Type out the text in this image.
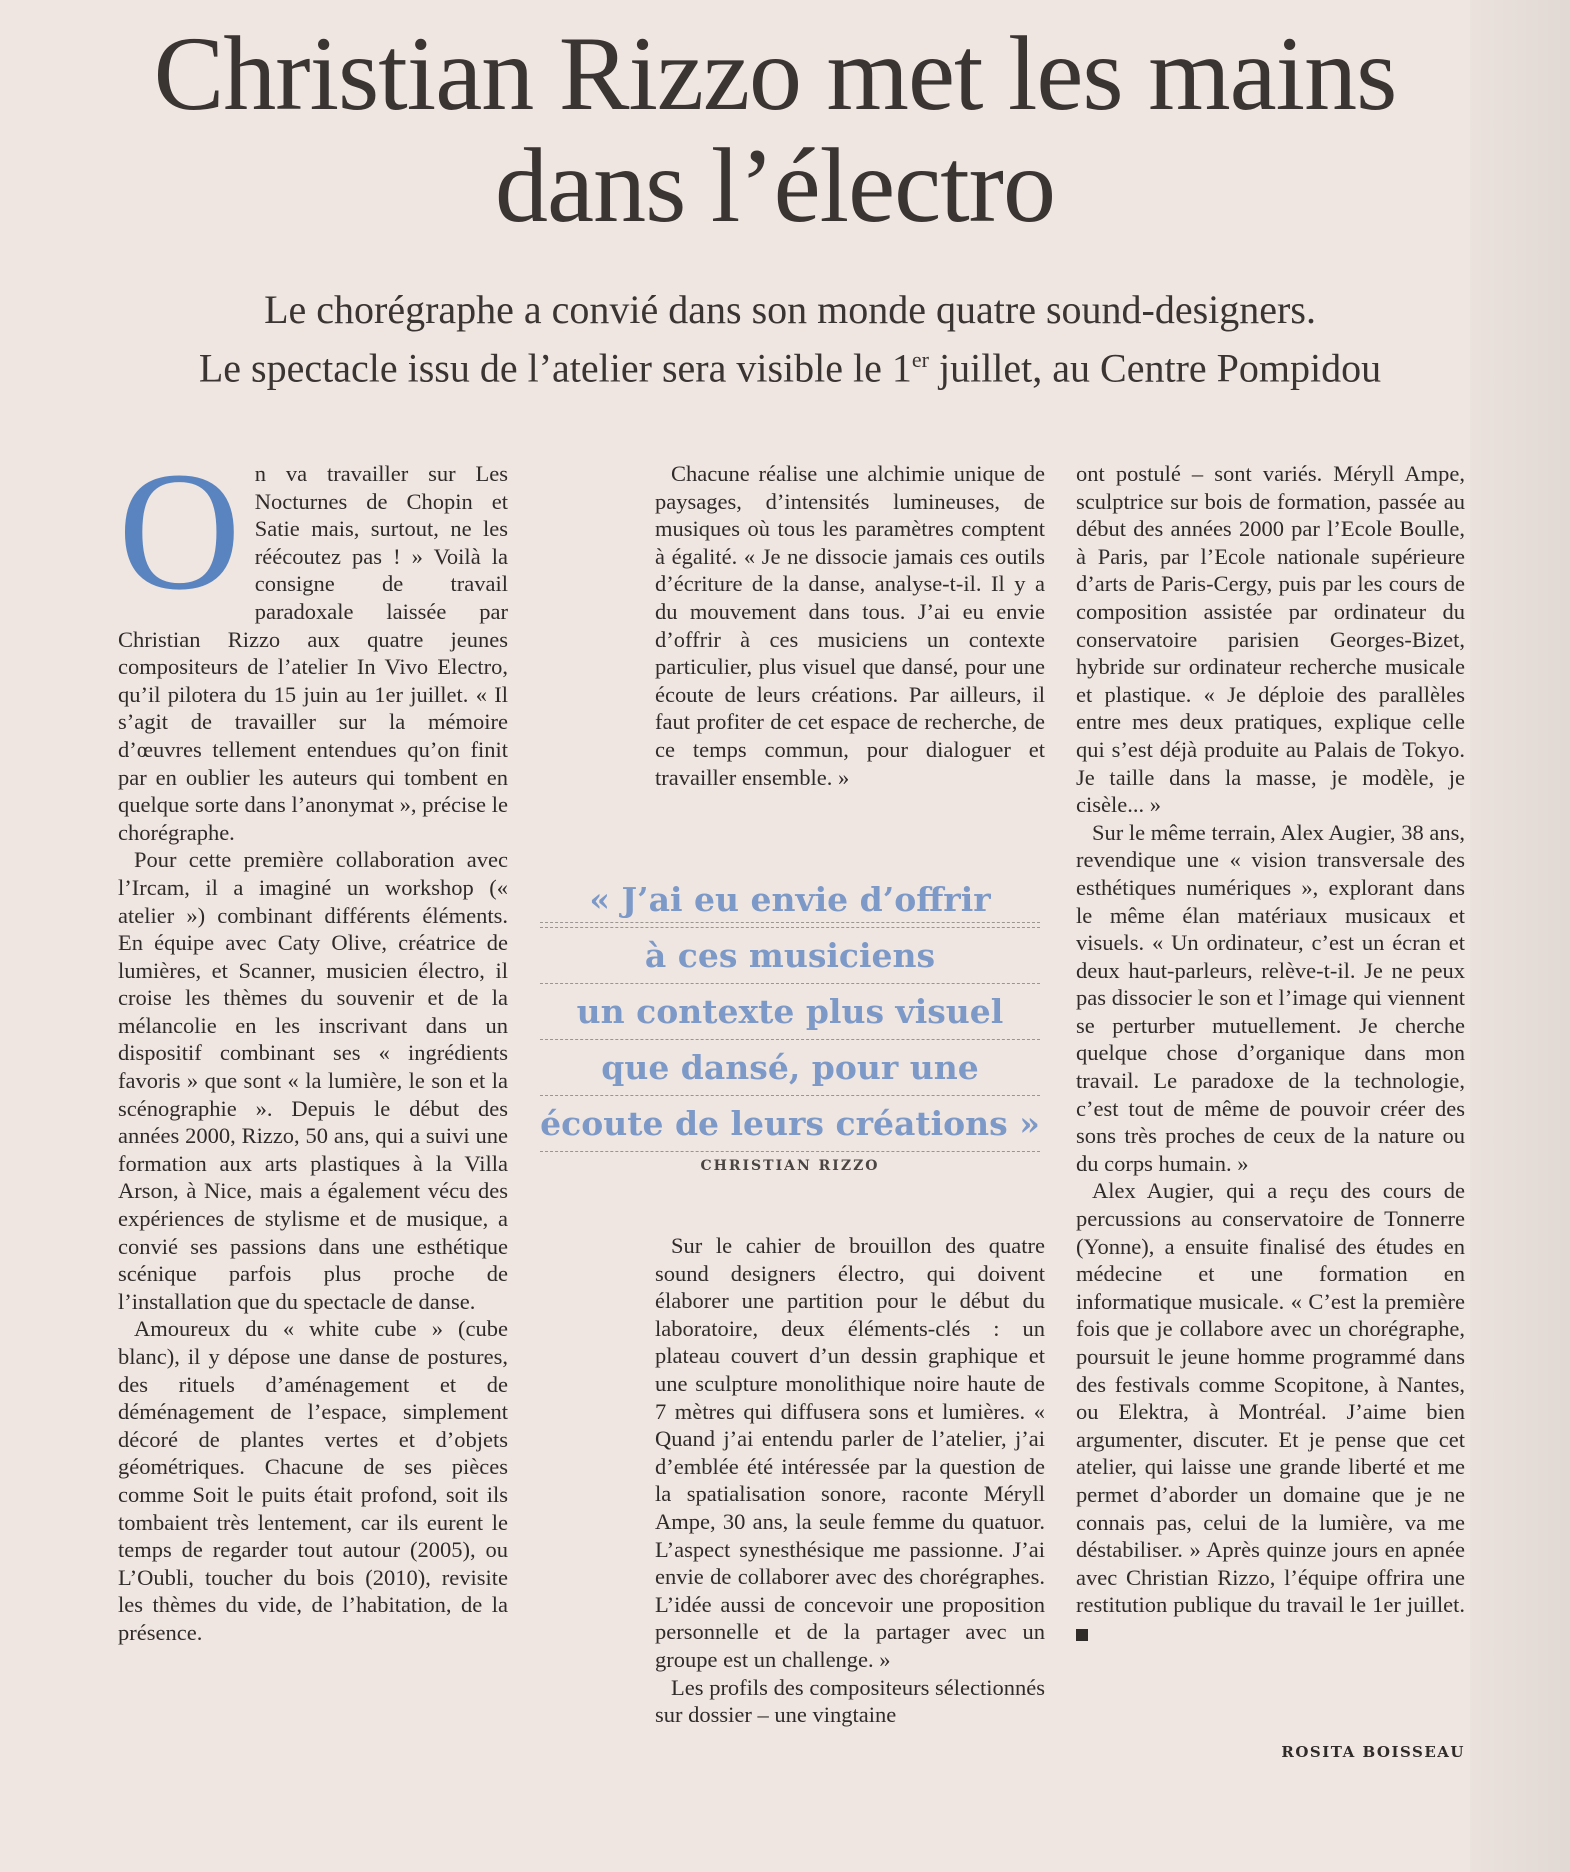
Christian Rizzo met les mains dans l’électro

Le chorégraphe a convié dans son monde quatre sound-designers.
Le spectacle issu de l’atelier sera visible le 1er juillet, au Centre Pompidou

O n va travailler sur Les Nocturnes de Chopin et Satie mais, surtout, ne les réécoutez pas ! » Voilà la consigne de travail paradoxale laissée par Christian Rizzo aux quatre jeunes compositeurs de l’atelier In Vivo Electro, qu’il pilotera du 15 juin au 1er juillet. « Il s’agit de travailler sur la mémoire d’œuvres tellement entendues qu’on finit par en oublier les auteurs qui tombent en quelque sorte dans l’anonymat », précise le chorégraphe.

Pour cette première collaboration avec l’Ircam, il a imaginé un workshop (« atelier ») combinant différents éléments. En équipe avec Caty Olive, créatrice de lumières, et Scanner, musicien électro, il croise les thèmes du souvenir et de la mélancolie en les inscrivant dans un dispositif combinant ses « ingrédients favoris » que sont « la lumière, le son et la scénographie ». Depuis le début des années 2000, Rizzo, 50 ans, qui a suivi une formation aux arts plastiques à la Villa Arson, à Nice, mais a également vécu des expériences de stylisme et de musique, a convié ses passions dans une esthétique scénique parfois plus proche de l’installation que du spectacle de danse.

Amoureux du « white cube » (cube blanc), il y dépose une danse de postures, des rituels d’aménagement et de déménagement de l’espace, simplement décoré de plantes vertes et d’objets géométriques. Chacune de ses pièces comme Soit le puits était profond, soit ils tombaient très lentement, car ils eurent le temps de regarder tout autour (2005), ou L’Oubli, toucher du bois (2010), revisite les thèmes du vide, de l’habitation, de la présence.

Chacune réalise une alchimie unique de paysages, d’intensités lumineuses, de musiques où tous les paramètres comptent à égalité. « Je ne dissocie jamais ces outils d’écriture de la danse, analyse-t-il. Il y a du mouvement dans tous. J’ai eu envie d’offrir à ces musiciens un contexte particulier, plus visuel que dansé, pour une écoute de leurs créations. Par ailleurs, il faut profiter de cet espace de recherche, de ce temps commun, pour dialoguer et travailler ensemble. »

« J’ai eu envie d’offrir
à ces musiciens
un contexte plus visuel
que dansé, pour une
écoute de leurs créations »
CHRISTIAN RIZZO

Sur le cahier de brouillon des quatre sound designers électro, qui doivent élaborer une partition pour le début du laboratoire, deux éléments-clés : un plateau couvert d’un dessin graphique et une sculpture monolithique noire haute de 7 mètres qui diffusera sons et lumières. « Quand j’ai entendu parler de l’atelier, j’ai d’emblée été intéressée par la question de la spatialisation sonore, raconte Méryll Ampe, 30 ans, la seule femme du quatuor. L’aspect synesthésique me passionne. J’ai envie de collaborer avec des chorégraphes. L’idée aussi de concevoir une proposition personnelle et de la partager avec un groupe est un challenge. »

Les profils des compositeurs sélectionnés sur dossier – une vingtaine

ont postulé – sont variés. Méryll Ampe, sculptrice sur bois de formation, passée au début des années 2000 par l’Ecole Boulle, à Paris, par l’Ecole nationale supérieure d’arts de Paris-Cergy, puis par les cours de composition assistée par ordinateur du conservatoire parisien Georges-Bizet, hybride sur ordinateur recherche musicale et plastique. « Je déploie des parallèles entre mes deux pratiques, explique celle qui s’est déjà produite au Palais de Tokyo. Je taille dans la masse, je modèle, je cisèle... »

Sur le même terrain, Alex Augier, 38 ans, revendique une « vision transversale des esthétiques numériques », explorant dans le même élan matériaux musicaux et visuels. « Un ordinateur, c’est un écran et deux haut-parleurs, relève-t-il. Je ne peux pas dissocier le son et l’image qui viennent se perturber mutuellement. Je cherche quelque chose d’organique dans mon travail. Le paradoxe de la technologie, c’est tout de même de pouvoir créer des sons très proches de ceux de la nature ou du corps humain. »

Alex Augier, qui a reçu des cours de percussions au conservatoire de Tonnerre (Yonne), a ensuite finalisé des études en médecine et une formation en informatique musicale. « C’est la première fois que je collabore avec un chorégraphe, poursuit le jeune homme programmé dans des festivals comme Scopitone, à Nantes, ou Elektra, à Montréal. J’aime bien argumenter, discuter. Et je pense que cet atelier, qui laisse une grande liberté et me permet d’aborder un domaine que je ne connais pas, celui de la lumière, va me déstabiliser. » Après quinze jours en apnée avec Christian Rizzo, l’équipe offrira une restitution publique du travail le 1er juillet.

ROSITA BOISSEAU
